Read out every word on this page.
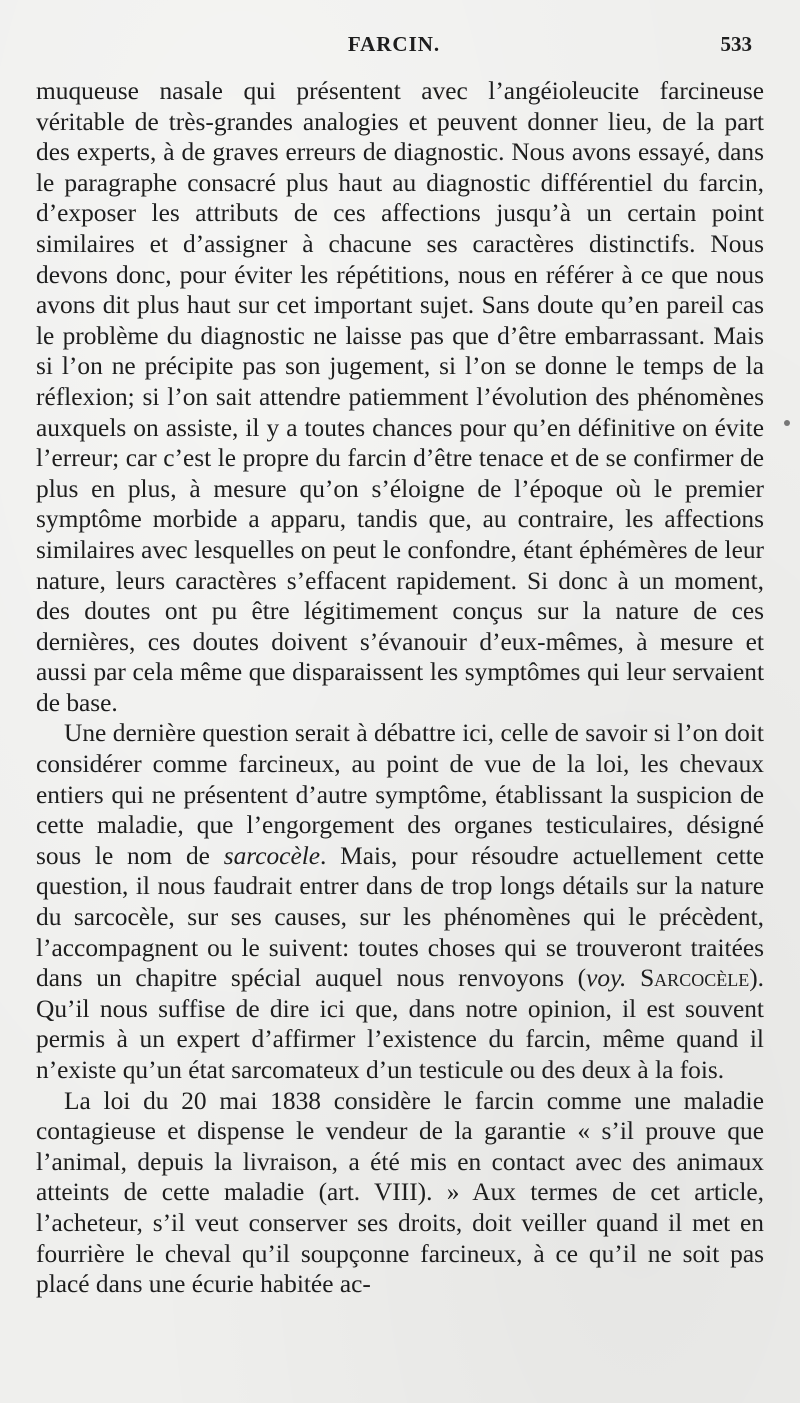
FARCIN.	533

muqueuse nasale qui présentent avec l’angéioleucite farcineuse véritable de très-grandes analogies et peuvent donner lieu, de la part des experts, à de graves erreurs de diagnostic. Nous avons essayé, dans le paragraphe consacré plus haut au diagnostic différentiel du farcin, d’exposer les attributs de ces affections jusqu’à un certain point similaires et d’assigner à chacune ses caractères distinctifs. Nous devons donc, pour éviter les répétitions, nous en référer à ce que nous avons dit plus haut sur cet important sujet. Sans doute qu’en pareil cas le problème du diagnostic ne laisse pas que d’être embarrassant. Mais si l’on ne précipite pas son jugement, si l’on se donne le temps de la réflexion; si l’on sait attendre patiemment l’évolution des phénomènes auxquels on assiste, il y a toutes chances pour qu’en définitive on évite l’erreur; car c’est le propre du farcin d’être tenace et de se confirmer de plus en plus, à mesure qu’on s’éloigne de l’époque où le premier symptôme morbide a apparu, tandis que, au contraire, les affections similaires avec lesquelles on peut le confondre, étant éphémères de leur nature, leurs caractères s’effacent rapidement. Si donc à un moment, des doutes ont pu être légitimement conçus sur la nature de ces dernières, ces doutes doivent s’évanouir d’eux-mêmes, à mesure et aussi par cela même que disparaissent les symptômes qui leur servaient de base.

Une dernière question serait à débattre ici, celle de savoir si l’on doit considérer comme farcineux, au point de vue de la loi, les chevaux entiers qui ne présentent d’autre symptôme, établissant la suspicion de cette maladie, que l’engorgement des organes testiculaires, désigné sous le nom de sarcocèle. Mais, pour résoudre actuellement cette question, il nous faudrait entrer dans de trop longs détails sur la nature du sarcocèle, sur ses causes, sur les phénomènes qui le précèdent, l’accompagnent ou le suivent: toutes choses qui se trouveront traitées dans un chapitre spécial auquel nous renvoyons (voy. Sarcocèle). Qu’il nous suffise de dire ici que, dans notre opinion, il est souvent permis à un expert d’affirmer l’existence du farcin, même quand il n’existe qu’un état sarcomateux d’un testicule ou des deux à la fois.

La loi du 20 mai 1838 considère le farcin comme une maladie contagieuse et dispense le vendeur de la garantie « s’il prouve que l’animal, depuis la livraison, a été mis en contact avec des animaux atteints de cette maladie (art. VIII). » Aux termes de cet article, l’acheteur, s’il veut conserver ses droits, doit veiller quand il met en fourrière le cheval qu’il soupçonne farcineux, à ce qu’il ne soit pas placé dans une écurie habitée ac-
